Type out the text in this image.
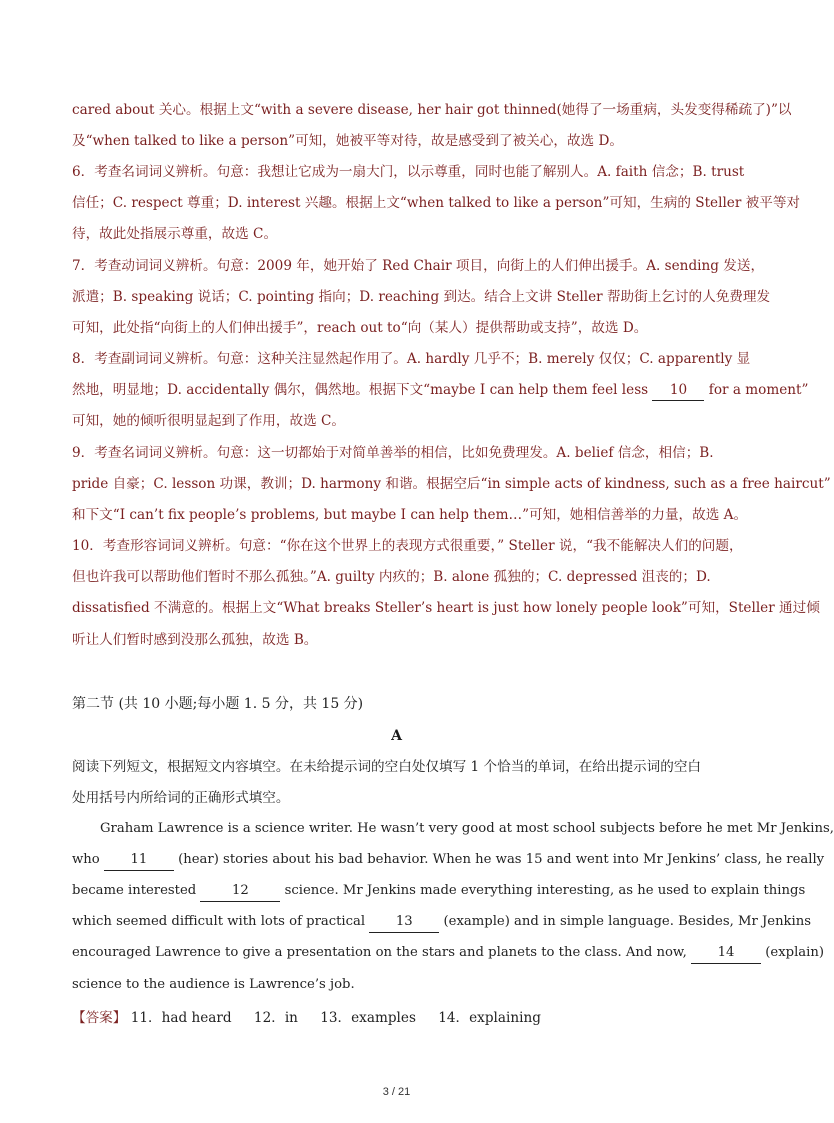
cared about 关心。根据上文“with a severe disease, her hair got thinned(她得了一场重病，头发变得稀疏了)”以
及“when talked to like a person”可知，她被平等对待，故是感受到了被关心，故选 D。
6．考查名词词义辨析。句意：我想让它成为一扇大门，以示尊重，同时也能了解别人。A. faith 信念；B. trust
信任；C. respect 尊重；D. interest 兴趣。根据上文“when talked to like a person”可知，生病的 Steller 被平等对
待，故此处指展示尊重，故选 C。
7．考查动词词义辨析。句意：2009 年，她开始了 Red Chair 项目，向街上的人们伸出援手。A. sending 发送，
派遣；B. speaking 说话；C. pointing 指向；D. reaching 到达。结合上文讲 Steller 帮助街上乞讨的人免费理发
可知，此处指“向街上的人们伸出援手”，reach out to“向（某人）提供帮助或支持”，故选 D。
8．考查副词词义辨析。句意：这种关注显然起作用了。A. hardly 几乎不；B. merely 仅仅；C. apparently 显
然地，明显地；D. accidentally 偶尔，偶然地。根据下文“maybe I can help them feel less 10 for a moment”
可知，她的倾听很明显起到了作用，故选 C。
9．考查名词词义辨析。句意：这一切都始于对简单善举的相信，比如免费理发。A. belief 信念，相信；B.
pride 自豪；C. lesson 功课，教训；D. harmony 和谐。根据空后“in simple acts of kindness, such as a free haircut”
和下文“I can’t fix people’s problems, but maybe I can help them…”可知，她相信善举的力量，故选 A。
10．考查形容词词义辨析。句意：“你在这个世界上的表现方式很重要，” Steller 说，“我不能解决人们的问题，
但也许我可以帮助他们暂时不那么孤独。”A. guilty 内疚的；B. alone 孤独的；C. depressed 沮丧的；D.
dissatisfied 不满意的。根据上文“What breaks Steller’s heart is just how lonely people look”可知，Steller 通过倾
听让人们暂时感到没那么孤独，故选 B。
第二节 (共 10 小题;每小题 1. 5 分，共 15 分)
A
阅读下列短文，根据短文内容填空。在未给提示词的空白处仅填写 1 个恰当的单词，在给出提示词的空白
处用括号内所给词的正确形式填空。
Graham Lawrence is a science writer. He wasn’t very good at most school subjects before he met Mr Jenkins,
who 11 (hear) stories about his bad behavior. When he was 15 and went into Mr Jenkins’ class, he really
became interested 12 science. Mr Jenkins made everything interesting, as he used to explain things
which seemed difficult with lots of practical 13 (example) and in simple language. Besides, Mr Jenkins
encouraged Lawrence to give a presentation on the stars and planets to the class. And now, 14 (explain)
science to the audience is Lawrence’s job.
【答案】 11．had heard 12．in 13．examples 14．explaining
3 / 21
